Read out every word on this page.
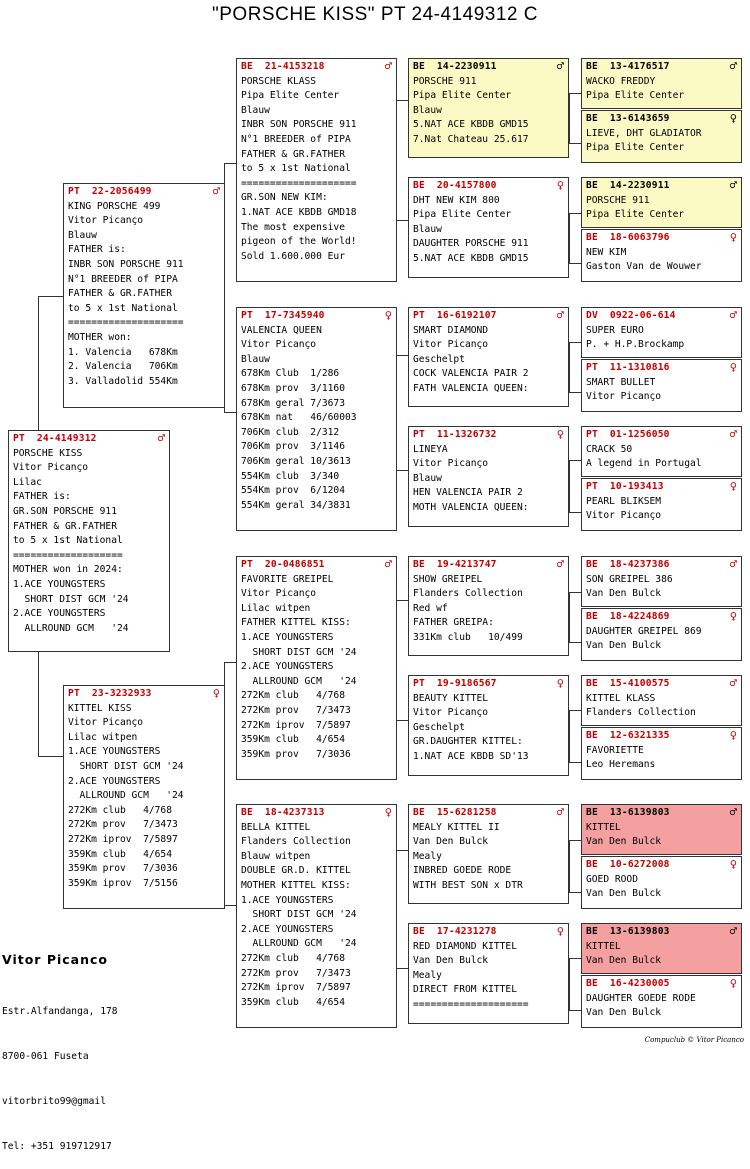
"PORSCHE KISS" PT 24-4149312 C
PT  24-4149312	♂
PORSCHE KISS
Vitor Picanço
Lilac
FATHER is:
GR.SON PORSCHE 911
FATHER & GR.FATHER
to 5 x 1st National
===================
MOTHER won in 2024:
1.ACE YOUNGSTERS
SHORT DIST GCM '24
2.ACE YOUNGSTERS
ALLROUND GCM   '24
PT  22-2056499	♂
KING PORSCHE 499
Vitor Picanço
Blauw
FATHER is:
INBR SON PORSCHE 911
N°1 BREEDER of PIPA
FATHER & GR.FATHER
to 5 x 1st National
====================
MOTHER won:
1. Valencia   678Km
2. Valencia   706Km
3. Valladolid 554Km
PT  23-3232933	♀
KITTEL KISS
Vitor Picanço
Lilac witpen
1.ACE YOUNGSTERS
SHORT DIST GCM '24
2.ACE YOUNGSTERS
ALLROUND GCM   '24
272Km club   4/768
272Km prov   7/3473
272Km iprov  7/5897
359Km club   4/654
359Km prov   7/3036
359Km iprov  7/5156
BE  21-4153218	♂
PORSCHE KLASS
Pipa Elite Center
Blauw
INBR SON PORSCHE 911
N°1 BREEDER of PIPA
FATHER & GR.FATHER
to 5 x 1st National
====================
GR.SON NEW KIM:
1.NAT ACE KBDB GMD18
The most expensive
pigeon of the World!
Sold 1.600.000 Eur
PT  17-7345940	♀
VALENCIA QUEEN
Vitor Picanço
Blauw
678Km Club  1/286
678Km prov  3/1160
678Km geral 7/3673
678Km nat   46/60003
706Km club  2/312
706Km prov  3/1146
706Km geral 10/3613
554Km club  3/340
554Km prov  6/1204
554Km geral 34/3831
PT  20-0486851	♂
FAVORITE GREIPEL
Vitor Picanço
Lilac witpen
FATHER KITTEL KISS:
1.ACE YOUNGSTERS
SHORT DIST GCM '24
2.ACE YOUNGSTERS
ALLROUND GCM   '24
272Km club   4/768
272Km prov   7/3473
272Km iprov  7/5897
359Km club   4/654
359Km prov   7/3036
BE  18-4237313	♀
BELLA KITTEL
Flanders Collection
Blauw witpen
DOUBLE GR.D. KITTEL
MOTHER KITTEL KISS:
1.ACE YOUNGSTERS
SHORT DIST GCM '24
2.ACE YOUNGSTERS
ALLROUND GCM   '24
272Km club   4/768
272Km prov   7/3473
272Km iprov  7/5897
359Km club   4/654
BE  14-2230911	♂
PORSCHE 911
Pipa Elite Center
Blauw
5.NAT ACE KBDB GMD15
7.Nat Chateau 25.617
BE  20-4157800	♀
DHT NEW KIM 800
Pipa Elite Center
Blauw
DAUGHTER PORSCHE 911
5.NAT ACE KBDB GMD15
PT  16-6192107	♂
SMART DIAMOND
Vitor Picanço
Geschelpt
COCK VALENCIA PAIR 2
FATH VALENCIA QUEEN:
PT  11-1326732	♀
LINEYA
Vitor Picanço
Blauw
HEN VALENCIA PAIR 2
MOTH VALENCIA QUEEN:
BE  19-4213747	♂
SHOW GREIPEL
Flanders Collection
Red wf
FATHER GREIPA:
331Km club   10/499
PT  19-9186567	♀
BEAUTY KITTEL
Vitor Picanço
Geschelpt
GR.DAUGHTER KITTEL:
1.NAT ACE KBDB SD'13
BE  15-6281258	♂
MEALY KITTEL II
Van Den Bulck
Mealy
INBRED GOEDE RODE
WITH BEST SON x DTR
BE  17-4231278	♀
RED DIAMOND KITTEL
Van Den Bulck
Mealy
DIRECT FROM KITTEL
====================
BE  13-4176517	♂
WACKO FREDDY
Pipa Elite Center
BE  13-6143659	♀
LIEVE, DHT GLADIATOR
Pipa Elite Center
BE  14-2230911	♂
PORSCHE 911
Pipa Elite Center
BE  18-6063796	♀
NEW KIM
Gaston Van de Wouwer
DV  0922-06-614	♂
SUPER EURO
P. + H.P.Brockamp
PT  11-1310816	♀
SMART BULLET
Vitor Picanço
PT  01-1256050	♂
CRACK 50
A legend in Portugal
PT  10-193413	♀
PEARL BLIKSEM
Vitor Picanço
BE  18-4237386	♂
SON GREIPEL 386
Van Den Bulck
BE  18-4224869	♀
DAUGHTER GREIPEL 869
Van Den Bulck
BE  15-4100575	♂
KITTEL KLASS
Flanders Collection
BE  12-6321335	♀
FAVORIETTE
Leo Heremans
BE  13-6139803	♂
KITTEL
Van Den Bulck
BE  10-6272008	♀
GOED ROOD
Van Den Bulck
BE  13-6139803	♂
KITTEL
Van Den Bulck
BE  16-4230005	♀
DAUGHTER GOEDE RODE
Van Den Bulck
Vitor Picanco

Estr.Alfandanga, 178

8700-061 Fuseta

vitorbrito99@gmail

Tel: +351 919712917

Compuclub © Vitor Picanco
